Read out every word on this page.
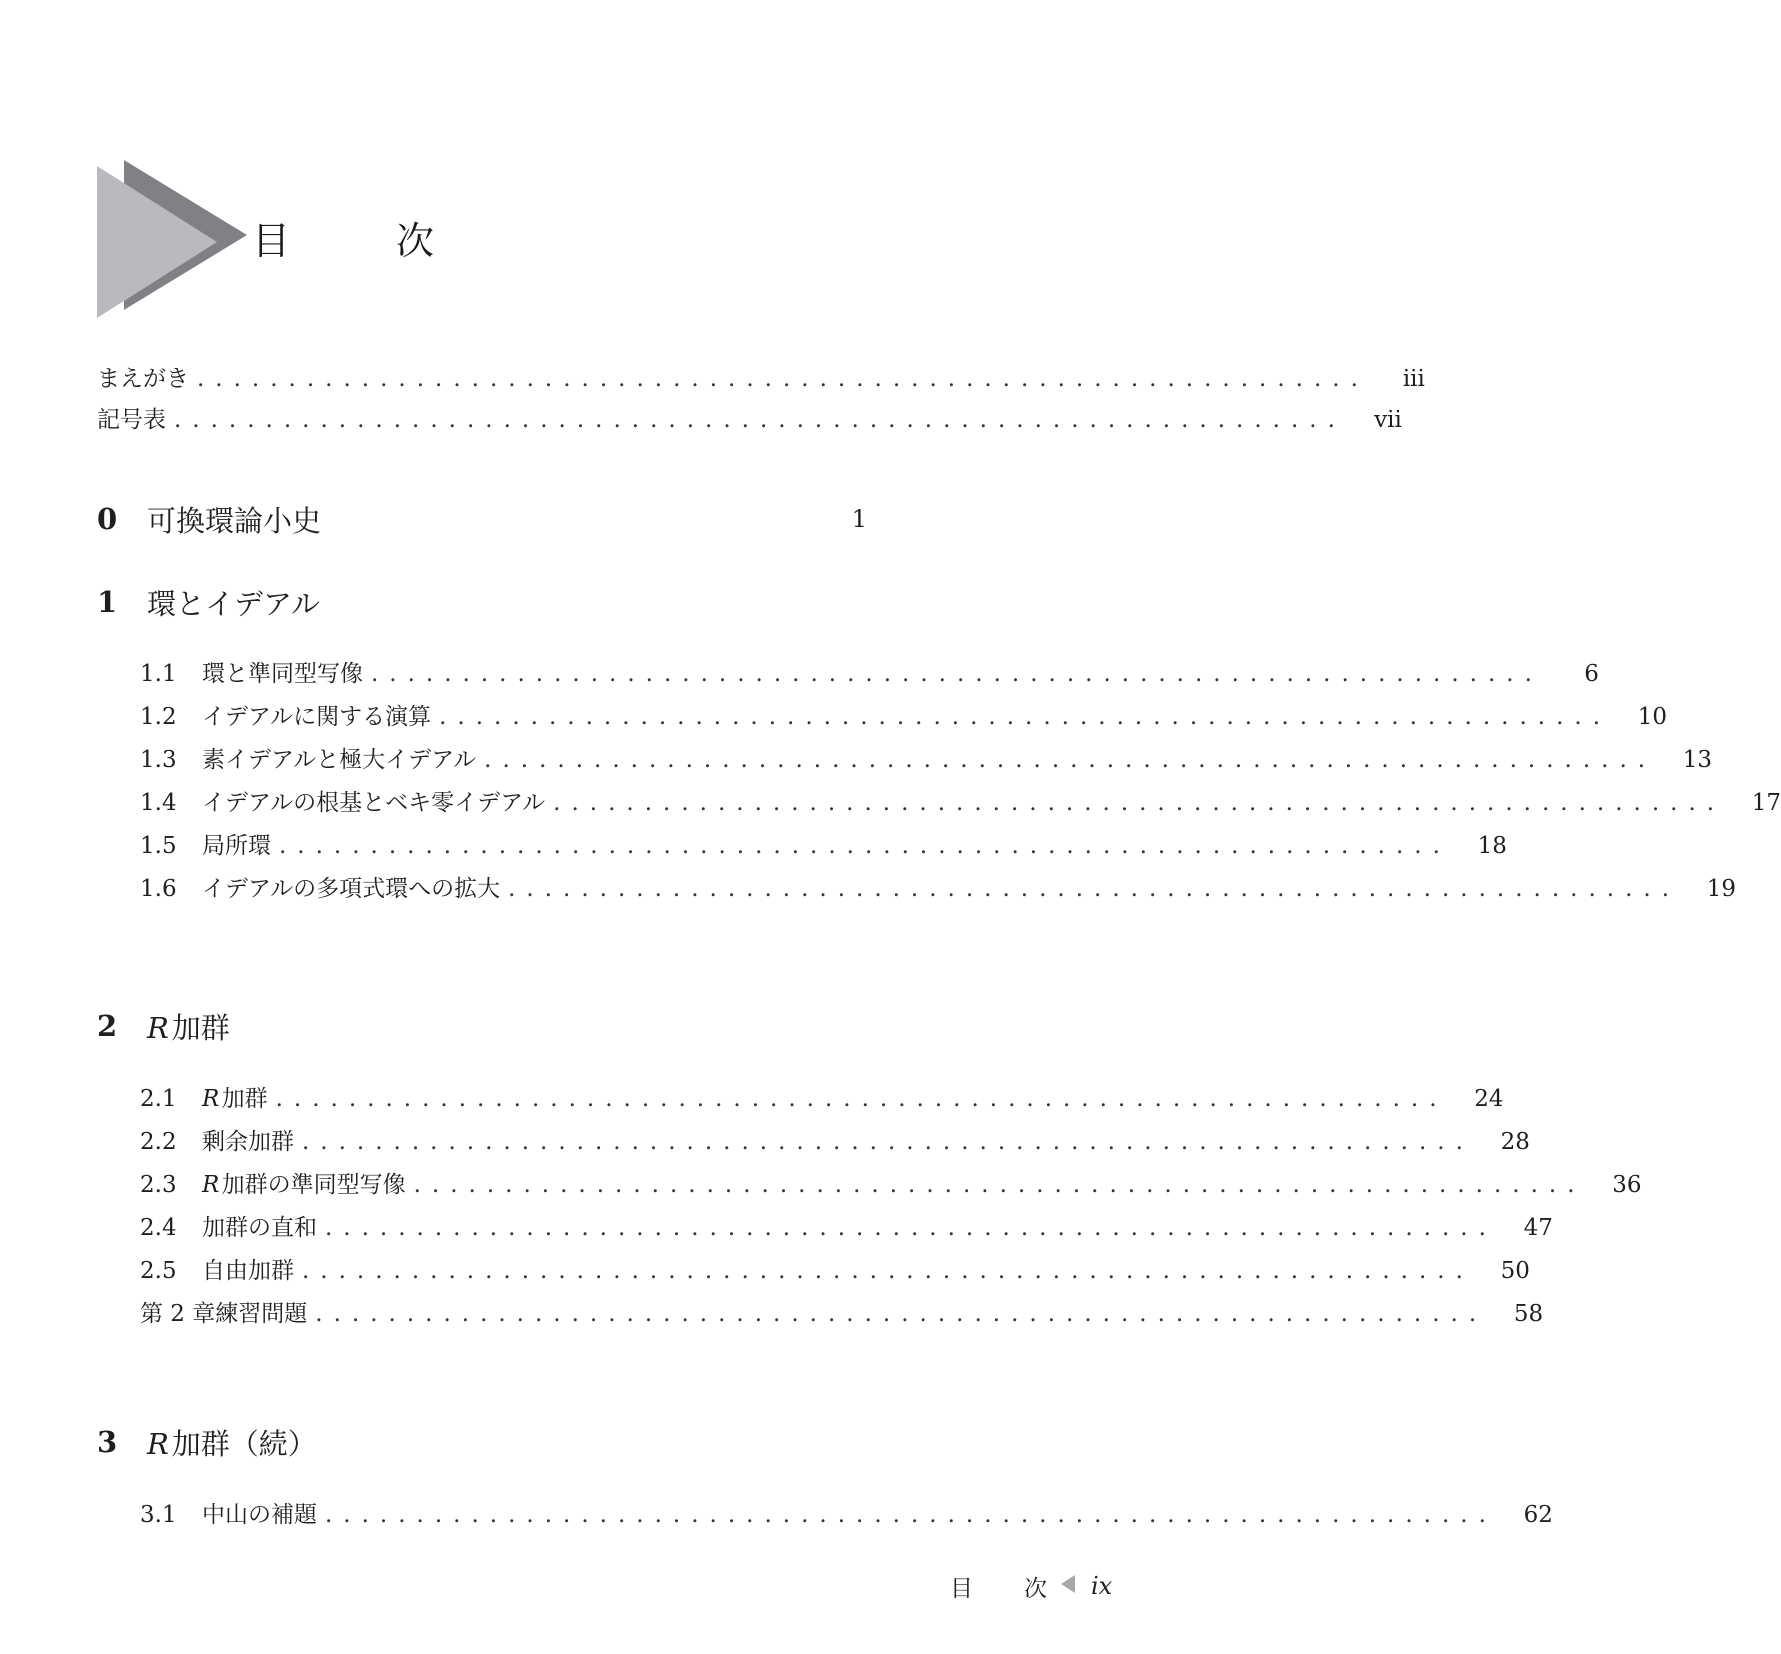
目　次
まえがき ................................................................	iii
記号表 ................................................................	vii
0	可換環論小史	1
1	環とイデアル
1.1	環と準同型写像 ................................................................	6
1.2	イデアルに関する演算 ................................................................	10
1.3	素イデアルと極大イデアル ................................................................	13
1.4	イデアルの根基とベキ零イデアル ................................................................	17
1.5	局所環 ................................................................	18
1.6	イデアルの多項式環への拡大 ................................................................	19
2	R 加群
2.1	R 加群 ................................................................	24
2.2	剰余加群 ................................................................	28
2.3	R 加群の準同型写像 ................................................................	36
2.4	加群の直和 ................................................................	47
2.5	自由加群 ................................................................	50
第 2 章練習問題 ................................................................	58
3	R 加群（続）
3.1	中山の補題 ................................................................	62
目　次 ix
